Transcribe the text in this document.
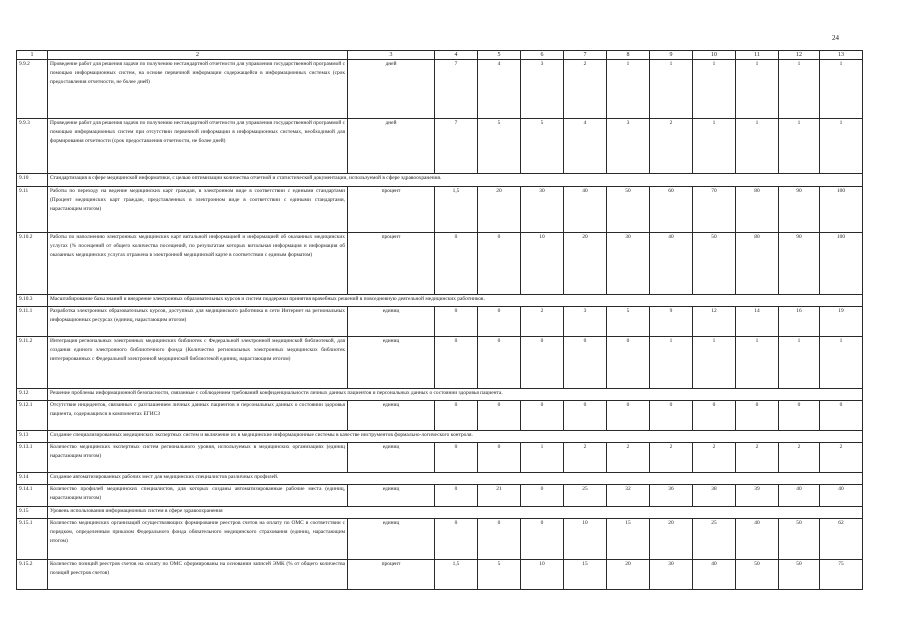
24
1	2	3	4	5	6	7	8	9	10	11	12	13
9.9.2	Проведение работ для решения задачи по получению нестандартной отчетности для управления государственной программой с помощью информационных систем, на основе первичной информации содержащейся в информационных системах (срок предоставления отчетности, не более дней)	дней	7	4	3	2	1	1	1	1	1	1
9.9.3	Проведение работ для решения задачи по получению нестандартной отчетности для управления государственной программой с помощью информационных систем при отсутствии первичной информации в информационных системах, необходимой для формирования отчетности (срок предоставления отчетности, не более дней)	дней	7	5	5	4	3	2	1	1	1	1
9.10	Стандартизация в сфере медицинской информатики, с целью оптимизации количества отчетной и статистической документации, используемой в сфере здравоохранения.											
9.11	Работы по переходу на ведение медицинских карт граждан, в электронном виде в соответствии с едиными стандартами (Процент медицинских карт граждан, представленных в электронном виде в соответствии с едиными стандартами, нарастающим итогом)	процент	1,5	20	30	40	50	60	70	80	90	100
9.10.2	Работы по наполнению электронных медицинских карт витальной информацией и информацией об оказанных медицинских услугах (% посещений от общего количества посещений, по результатам которых витальная информация и информация об оказанных медицинских услугах отражена в электронной медицинской карте в соответствии с единым форматом)	процент	0	0	10	20	30	40	50	80	90	100
9.10.3	Масштабирование базы знаний и внедрение электронных образовательных курсов и систем поддержки принятия врачебных решений в повседневную деятельной медицинских работников.											
9.11.1	Разработка электронных образовательных курсов, доступных для медицинского работника в сети Интернет на региональных информационных ресурсах (единиц, нарастающим итогом)	единиц	0	0	2	3	5	9	12	14	16	19
9.11.2	Интеграция региональных электронных медицинских библиотек с Федеральной электронной медицинской библиотекой, для создания единого электронного библиотечного фонда (Количество региональных электронных медицинских библиотек интегрированных с Федеральной электронной медицинской библиотекой единиц, нарастающим итогом)	единиц	0	0	0	0	0	1	1	1	1	1
9.12	Решение проблемы информационной безопасности, связанные с соблюдением требований конфиденциальности личных данных пациентов и персональных данных о состоянии здоровья пациента.											
9.12.1	Отсутствие инцидентов, связанных с разглашением личных данных пациентов и персональных данных о состоянии здоровья пациента, содержащихся в компонентах ЕГИСЗ	единиц	0	0	0	0	0	0	0	0	0	0
9.13	Создание специализированных медицинских экспертных систем и включение их в медицинские информационные системы в качестве инструментов формально-логического контроля.											
9.13.1	Количество медицинских экспертных систем регионального уровня, используемых в медицинских организациях (единиц нарастающим итогом)	единиц	0	0	1	2	2	2	2	2	2	2
9.14	Создание автоматизированных рабочих мест для медицинских специалистов различных профилей.											
9.14.1	Количество профилей медицинских специалистов, для которых созданы автоматизированные рабочие места (единиц, нарастающим итогом)	единиц	0	21	0	25	32	36	38	39	40	40
9.15	Уровень использования информационных систем в сфере здравоохранения											
9.15.1	Количество медицинских организаций осуществляющих формирование реестров счетов на оплату по ОМС в соответствии с порядком, определенным приказом Федерального фонда обязательного медицинского страхования (единиц, нарастающим итогом)	единиц	0	0	0	10	15	20	25	40	50	62
9.15.2	Количество позиций реестров счетов на оплату по ОМС сформированы на основании записей ЭМК (% от общего количества позиций реестров счетов)	процент	1,5	5	10	15	20	30	40	50	50	75
